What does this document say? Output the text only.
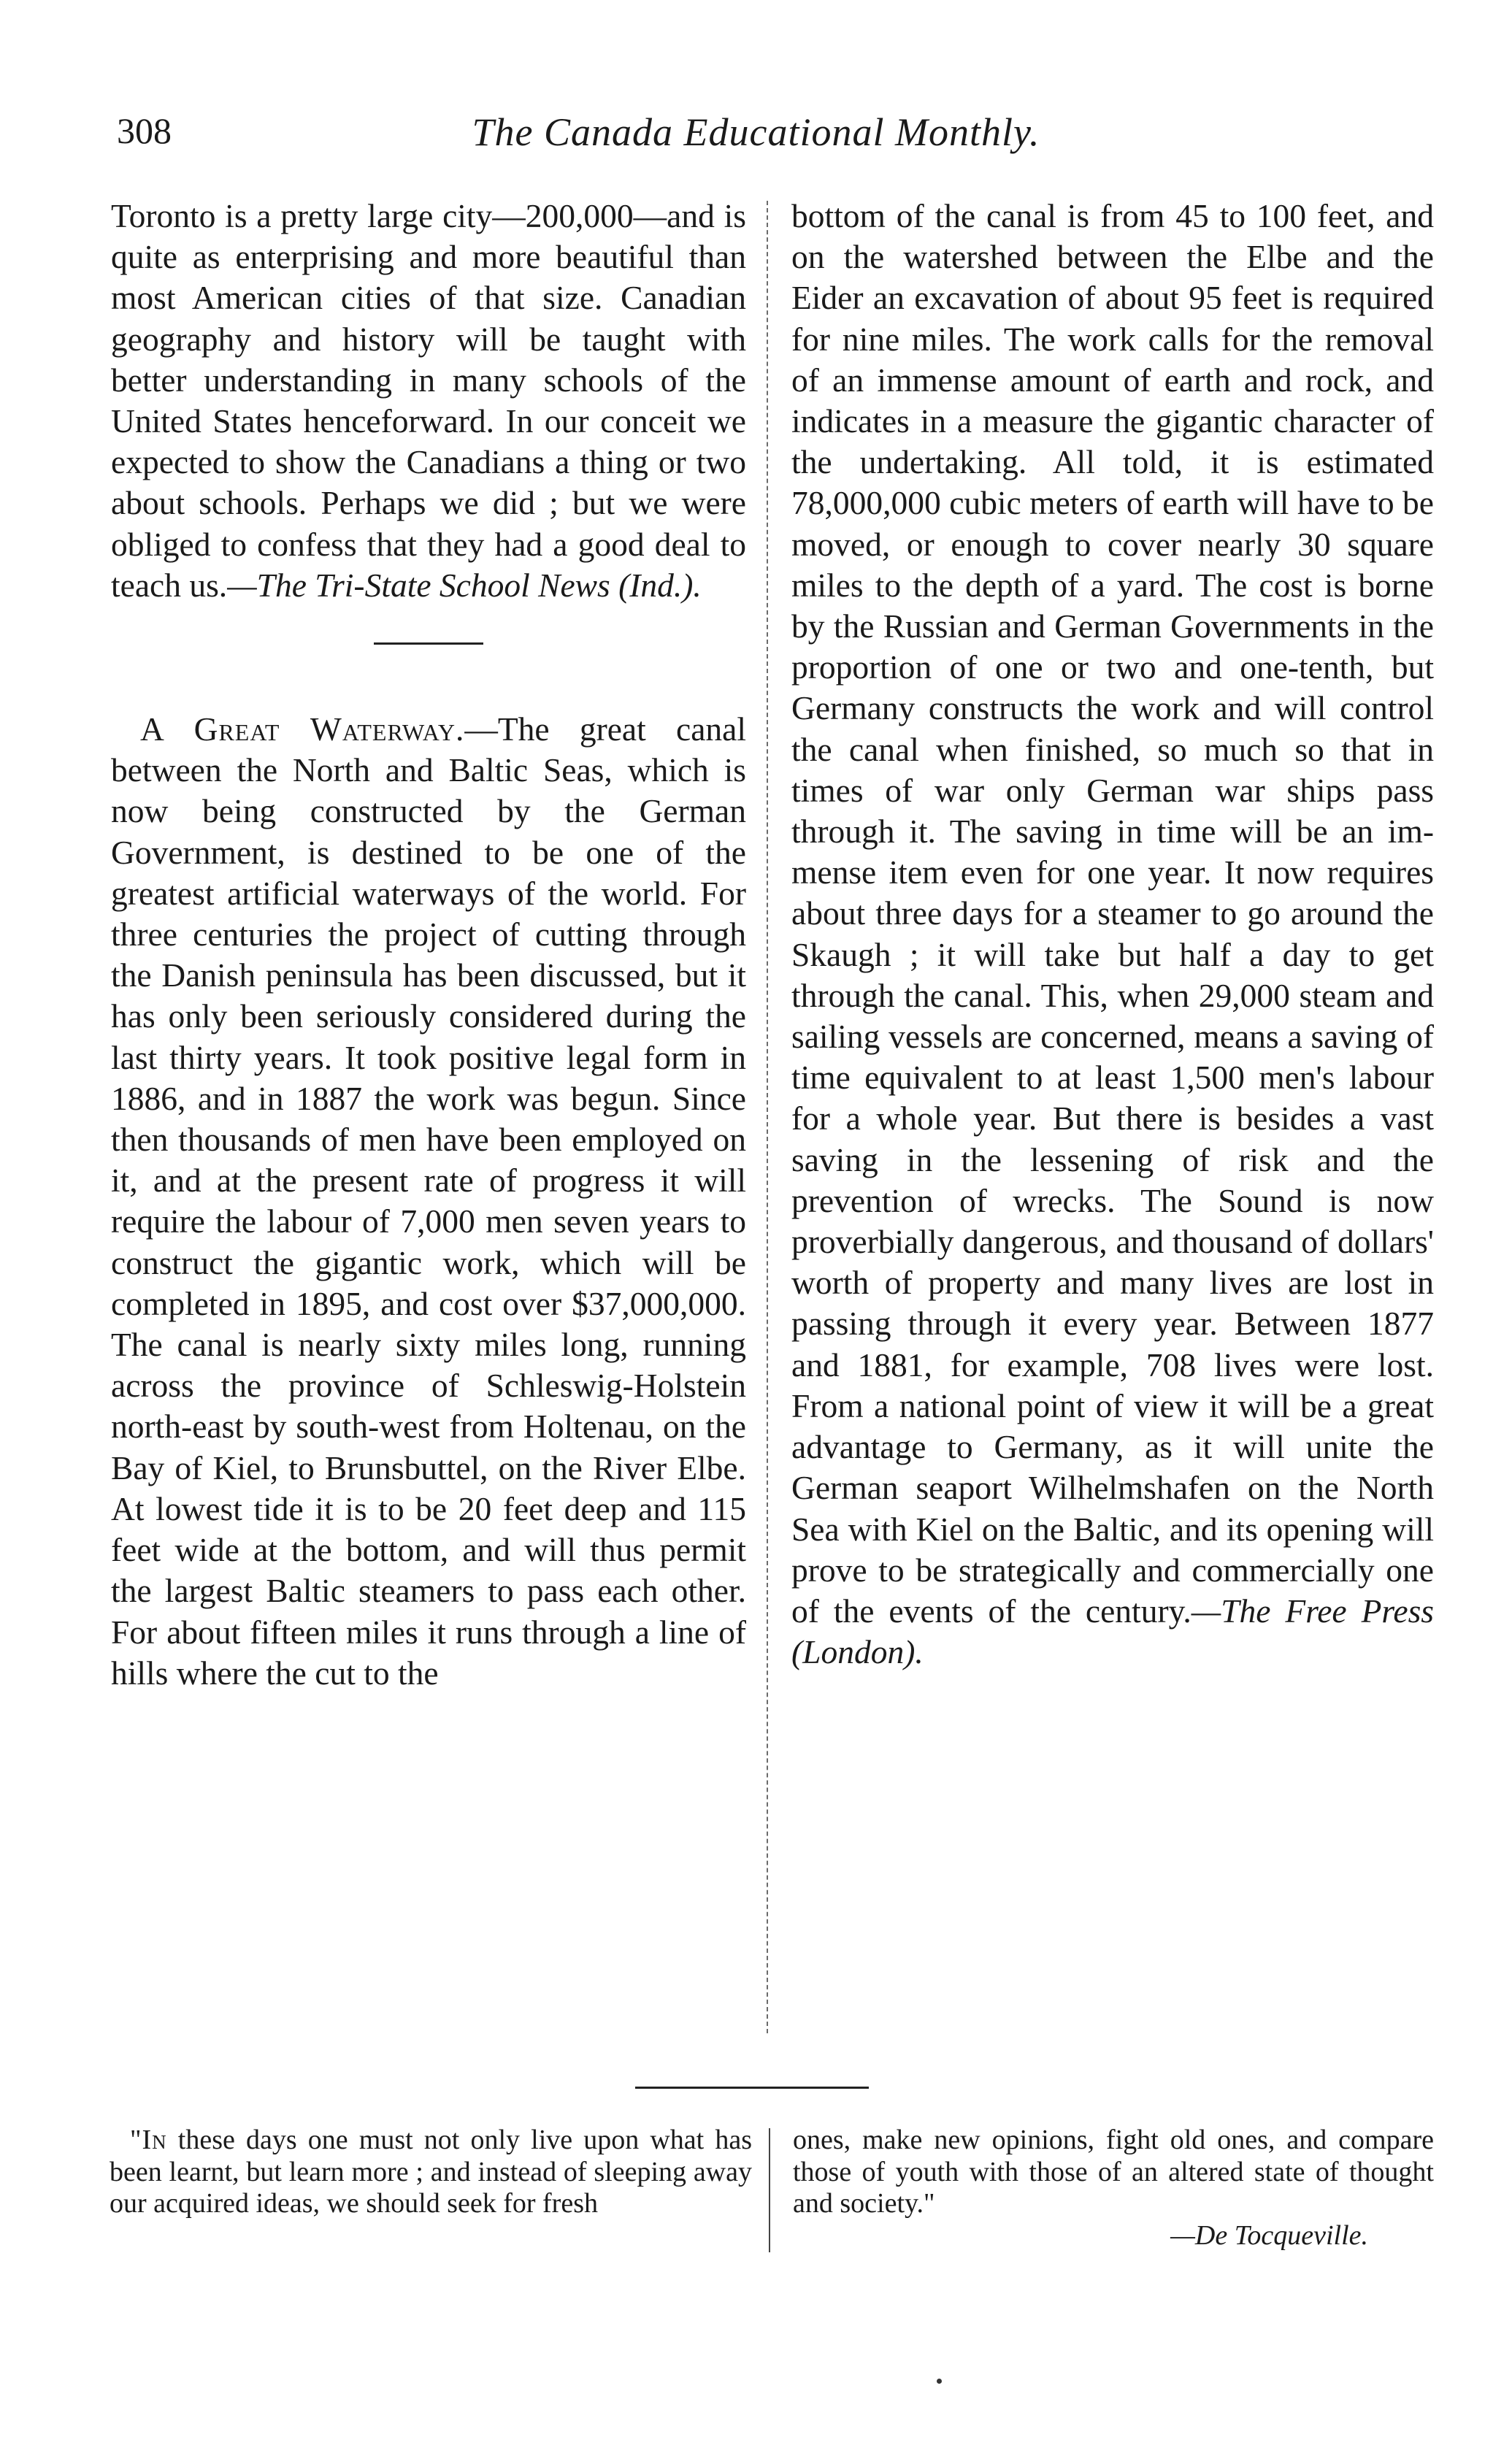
308	The Canada Educational Monthly.

Toronto is a pretty large city—200,000—and is quite as enterprising and more beautiful than most American cities of that size. Canadian geography and history will be taught with better understanding in many schools of the United States henceforward. In our conceit we expected to show the Canadians a thing or two about schools. Perhaps we did ; but we were obliged to confess that they had a good deal to teach us.—The Tri-State School News (Ind.).

A Great Waterway.—The great canal between the North and Baltic Seas, which is now being constructed by the German Government, is destined to be one of the greatest artificial waterways of the world. For three centuries the project of cutting through the Danish peninsula has been discussed, but it has only been seriously considered during the last thirty years. It took positive legal form in 1886, and in 1887 the work was begun. Since then thousands of men have been employed on it, and at the present rate of progress it will require the labour of 7,000 men seven years to construct the gigantic work, which will be completed in 1895, and cost over $37,000,000. The canal is nearly sixty miles long, running across the province of Schleswig-Holstein north-east by south-west from Holtenau, on the Bay of Kiel, to Brunsbuttel, on the River Elbe. At lowest tide it is to be 20 feet deep and 115 feet wide at the bottom, and will thus permit the largest Baltic steamers to pass each other. For about fifteen miles it runs through a line of hills where the cut to the

bottom of the canal is from 45 to 100 feet, and on the watershed between the Elbe and the Eider an excavation of about 95 feet is required for nine miles. The work calls for the removal of an immense amount of earth and rock, and indicates in a measure the gigantic character of the undertaking. All told, it is estimated 78,000,000 cubic meters of earth will have to be moved, or enough to cover nearly 30 square miles to the depth of a yard. The cost is borne by the Russian and German Governments in the proportion of one or two and one-tenth, but Germany constructs the work and will control the canal when finished, so much so that in times of war only German war ships pass through it. The saving in time will be an immense item even for one year. It now requires about three days for a steamer to go around the Skaugh ; it will take but half a day to get through the canal. This, when 29,000 steam and sailing vessels are concerned, means a saving of time equivalent to at least 1,500 men's labour for a whole year. But there is besides a vast saving in the lessening of risk and the prevention of wrecks. The Sound is now proverbially dangerous, and thousand of dollars' worth of property and many lives are lost in passing through it every year. Between 1877 and 1881, for example, 708 lives were lost. From a national point of view it will be a great advantage to Germany, as it will unite the German seaport Wilhelmshafen on the North Sea with Kiel on the Baltic, and its opening will prove to be strategically and commercially one of the events of the century.—The Free Press (London).

"In these days one must not only live upon what has been learnt, but learn more ; and instead of sleeping away our acquired ideas, we should seek for fresh
ones, make new opinions, fight old ones, and compare those of youth with those of an altered state of thought and society."
—De Tocqueville.
